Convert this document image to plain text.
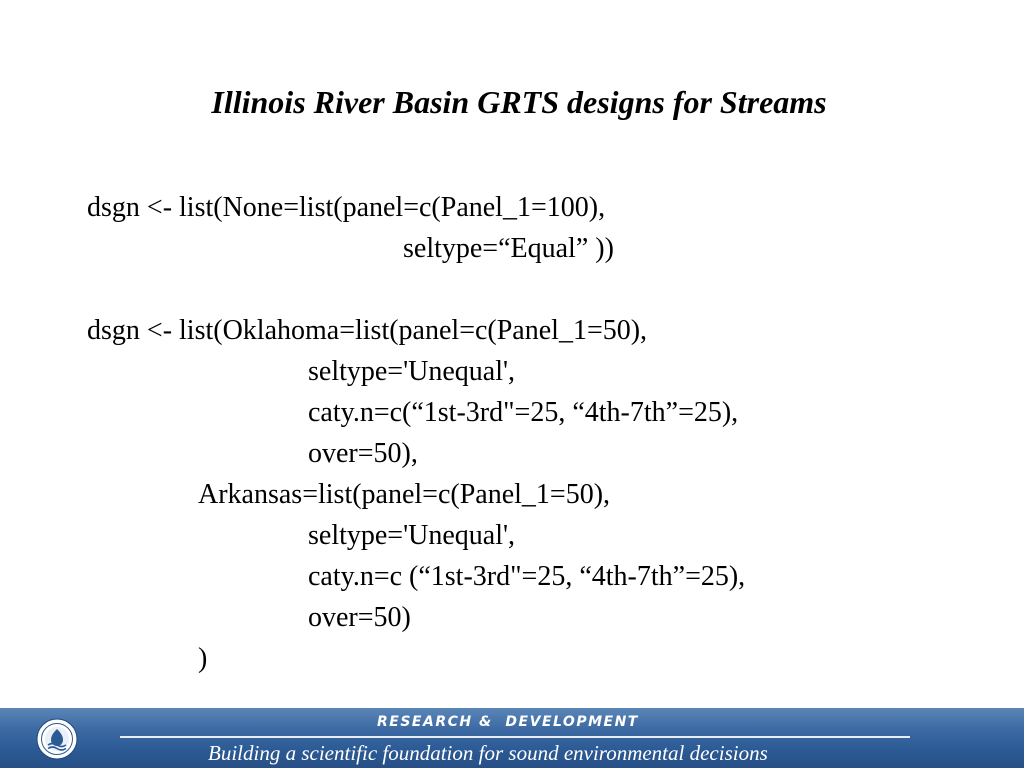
Illinois River Basin GRTS designs for Streams
dsgn <- list(None=list(panel=c(Panel_1=100),
seltype=“Equal” ))
dsgn <- list(Oklahoma=list(panel=c(Panel_1=50),
seltype='Unequal',
caty.n=c(“1st-3rd"=25, “4th-7th”=25),
over=50),
Arkansas=list(panel=c(Panel_1=50),
seltype='Unequal',
caty.n=c (“1st-3rd"=25, “4th-7th”=25),
over=50)
)
RESEARCH &  DEVELOPMENT
Building a scientific foundation for sound environmental decisions
